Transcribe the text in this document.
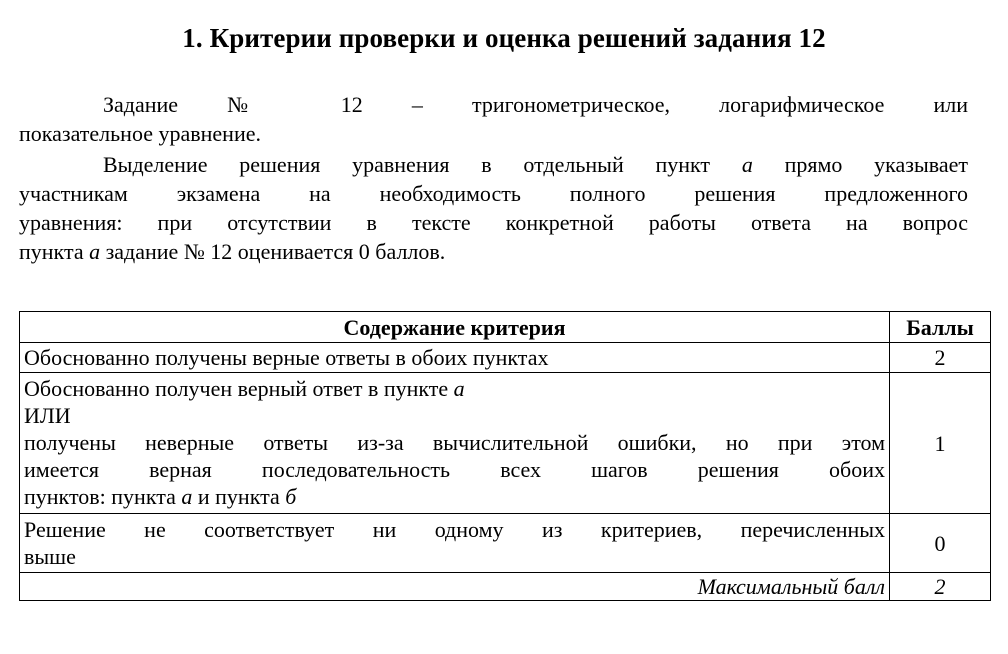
1. Критерии проверки и оценка решений задания 12
Задание № 12 – тригонометрическое, логарифмическое или
показательное уравнение.
Выделение решения уравнения в отдельный пункт а прямо указывает
участникам экзамена на необходимость полного решения предложенного
уравнения: при отсутствии в тексте конкретной работы ответа на вопрос
пункта а задание № 12 оценивается 0 баллов.
Содержание критерия	Баллы

Обоснованно получены верные ответы в обоих пунктах	2

Обоснованно получен верный ответ в пункте а
ИЛИ
получены неверные ответы из-за вычислительной ошибки, но при этом
имеется верная последовательность всех шагов решения обоих
пунктов: пункта а и пункта б	1

Решение не соответствует ни одному из критериев, перечисленных
выше	0
Максимальный балл	2
